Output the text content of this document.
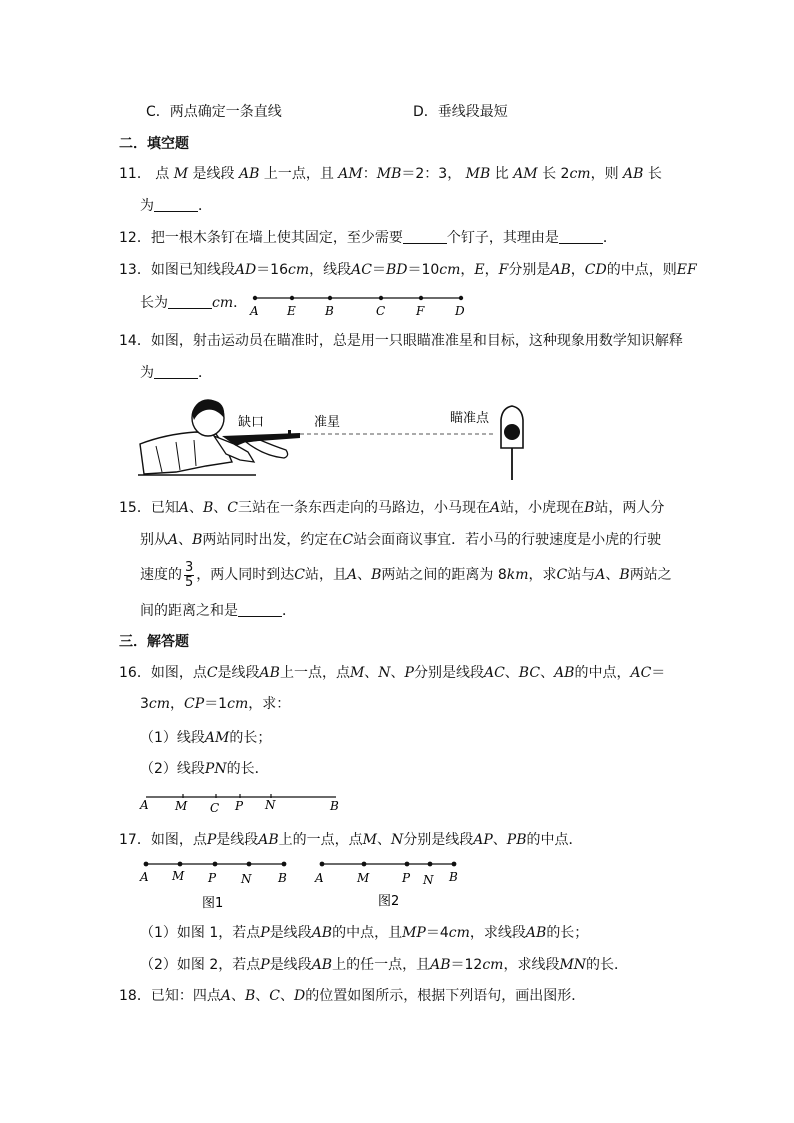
C．两点确定一条直线	D．垂线段最短
二．填空题
11． 点 M 是线段 AB 上一点，且 AM：MB＝2：3， MB 比 AM 长 2cm，则 AB 长
为	．
12．把一根木条钉在墙上使其固定，至少需要	个钉子，其理由是	．
13．如图已知线段AD＝16cm，线段AC＝BD＝10cm，E，F分别是AB，CD的中点，则EF
长为	cm． A E B	C	F	D
14．如图，射击运动员在瞄准时，总是用一只眼瞄准准星和目标，这种现象用数学知识解释
为	．
缺口	准星	瞄准点
15．已知A、B、C三站在一条东西走向的马路边，小马现在A站，小虎现在B站，两人分
别从A、B两站同时出发，约定在C站会面商议事宜．若小马的行驶速度是小虎的行驶
速度的 $\frac{3}{5}$ ，两人同时到达C站，且A、B两站之间的距离为 8km，求C站与A、B两站之
间的距离之和是	．
三．解答题
16．如图，点C是线段AB上一点，点M、N、P分别是线段AC、BC、AB的中点，AC＝
3cm，CP＝1cm，求：
（1）线段AM的长；
（2）线段PN的长．
A M C P N	B
17．如图，点P是线段AB上的一点，点M、N分别是线段AP、PB的中点．
A M P N B
图1
A	M	P N B
图2
（1）如图 1，若点P是线段AB的中点，且MP＝4cm，求线段AB的长；
（2）如图 2，若点P是线段AB上的任一点，且AB＝12cm，求线段MN的长．
18．已知：四点A、B、C、D的位置如图所示，根据下列语句，画出图形．
